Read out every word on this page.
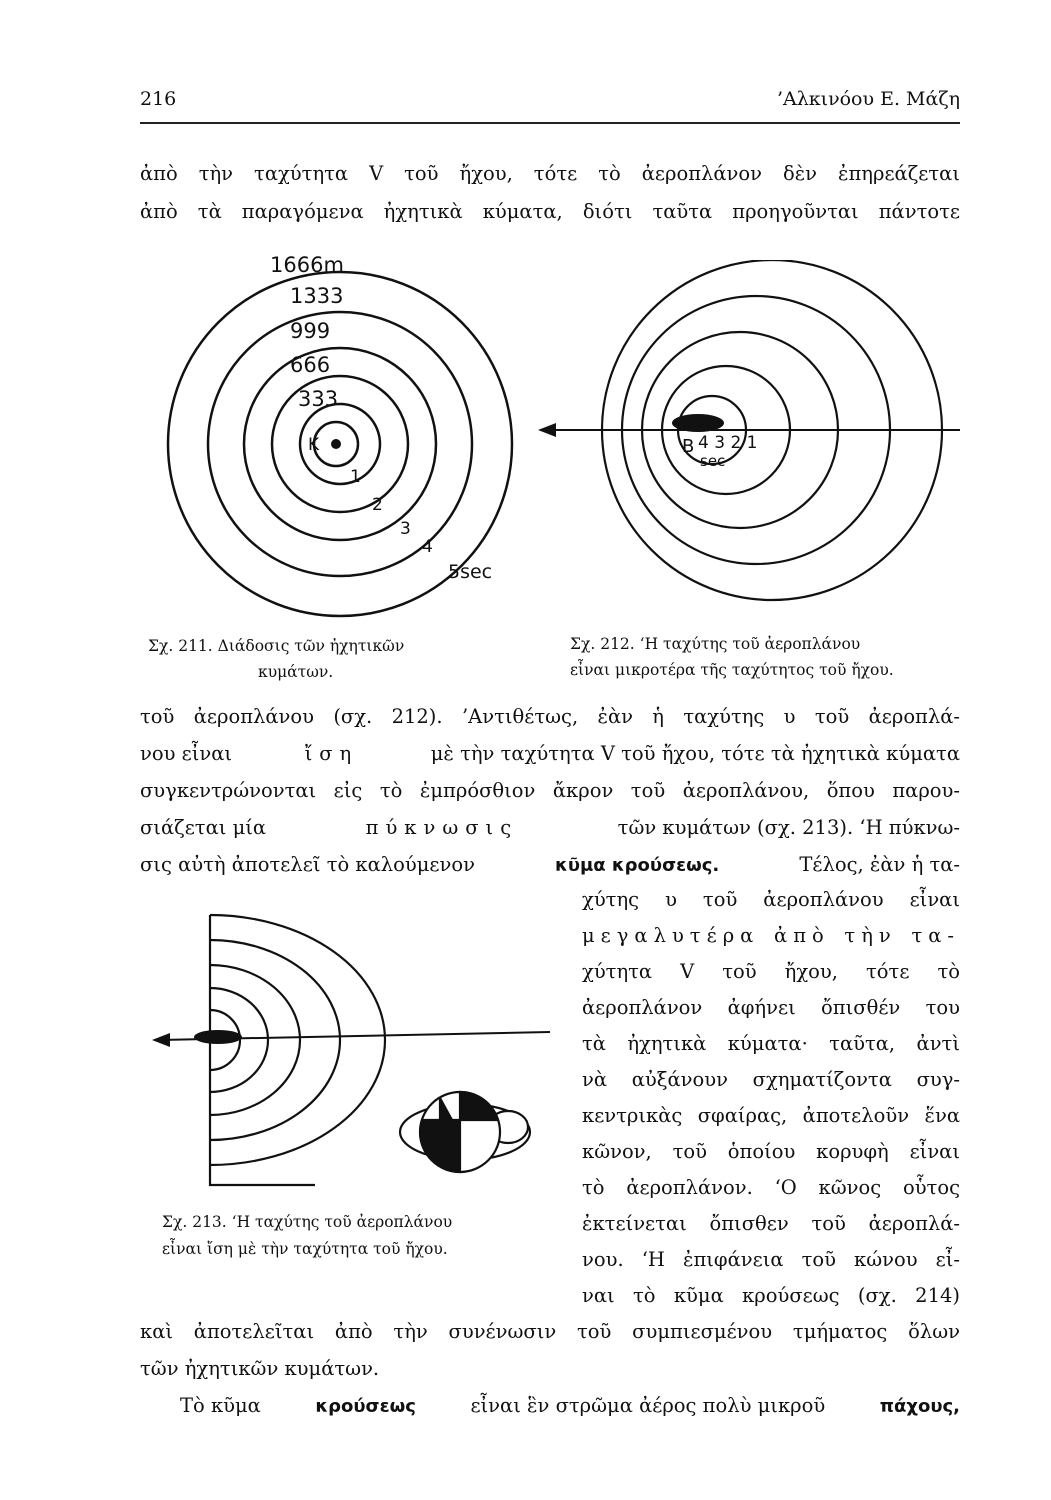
216	’Αλκινόου Ε. Μάζη
ἀπὸ τὴν ταχύτητα V τοῦ ἤχου, τότε τὸ ἀεροπλάνον δὲν ἐπηρεάζεται
ἀπὸ τὰ παραγόμενα ἠχητικὰ κύματα, διότι ταῦτα προηγοῦνται πάντοτε
K
1666m
1333
999
666
333
1
2
3
4
5sec
B 4 3 2 1
sec
Σχ. 211. Διάδοσις τῶν ἠχητικῶν
κυμάτων.
Σχ. 212. ‘Η ταχύτης τοῦ ἀεροπλάνου
εἶναι μικροτέρα τῆς ταχύτητος τοῦ ἤχου.
τοῦ ἀεροπλάνου (σχ. 212). ’Αντιθέτως, ἐὰν ἡ ταχύτης υ τοῦ ἀεροπλά-
νου εἶναι	ἴση	μὲ τὴν ταχύτητα V τοῦ ἤχου, τότε τὰ ἠχητικὰ κύματα
συγκεντρώνονται εἰς τὸ ἐμπρόσθιον ἄκρον τοῦ ἀεροπλάνου, ὅπου παρου-
σιάζεται μία	πύκνωσις	τῶν κυμάτων (σχ. 213). ‘Η πύκνω-
σις αὐτὴ ἀποτελεῖ τὸ καλούμενον	κῦμα κρούσεως.	Τέλος, ἐὰν ἡ τα-
χύτης υ τοῦ ἀεροπλάνου εἶναι
μεγαλυτέρα ἀπὸ τὴν τα-
χύτητα V τοῦ ἤχου, τότε τὸ
ἀεροπλάνον ἀφήνει ὄπισθέν του
τὰ ἠχητικὰ κύματα· ταῦτα, ἀντὶ
νὰ αὐξάνουν σχηματίζοντα συγ-
κεντρικὰς σφαίρας, ἀποτελοῦν ἕνα
κῶνον, τοῦ ὁποίου κορυφὴ εἶναι
τὸ ἀεροπλάνον. ‘Ο κῶνος οὗτος
ἐκτείνεται ὄπισθεν τοῦ ἀεροπλά-
νου. ‘Η ἐπιφάνεια τοῦ κώνου εἶ-
ναι τὸ κῦμα κρούσεως (σχ. 214)
Σχ. 213. ‘Η ταχύτης τοῦ ἀεροπλάνου
εἶναι ἴση μὲ τὴν ταχύτητα τοῦ ἤχου.
καὶ ἀποτελεῖται ἀπὸ τὴν συνένωσιν τοῦ συμπιεσμένου τμήματος ὅλων
τῶν ἠχητικῶν κυμάτων.
Τὸ κῦμα	κρούσεως	εἶναι ἓν στρῶμα ἀέρος πολὺ μικροῦ	πάχους,
